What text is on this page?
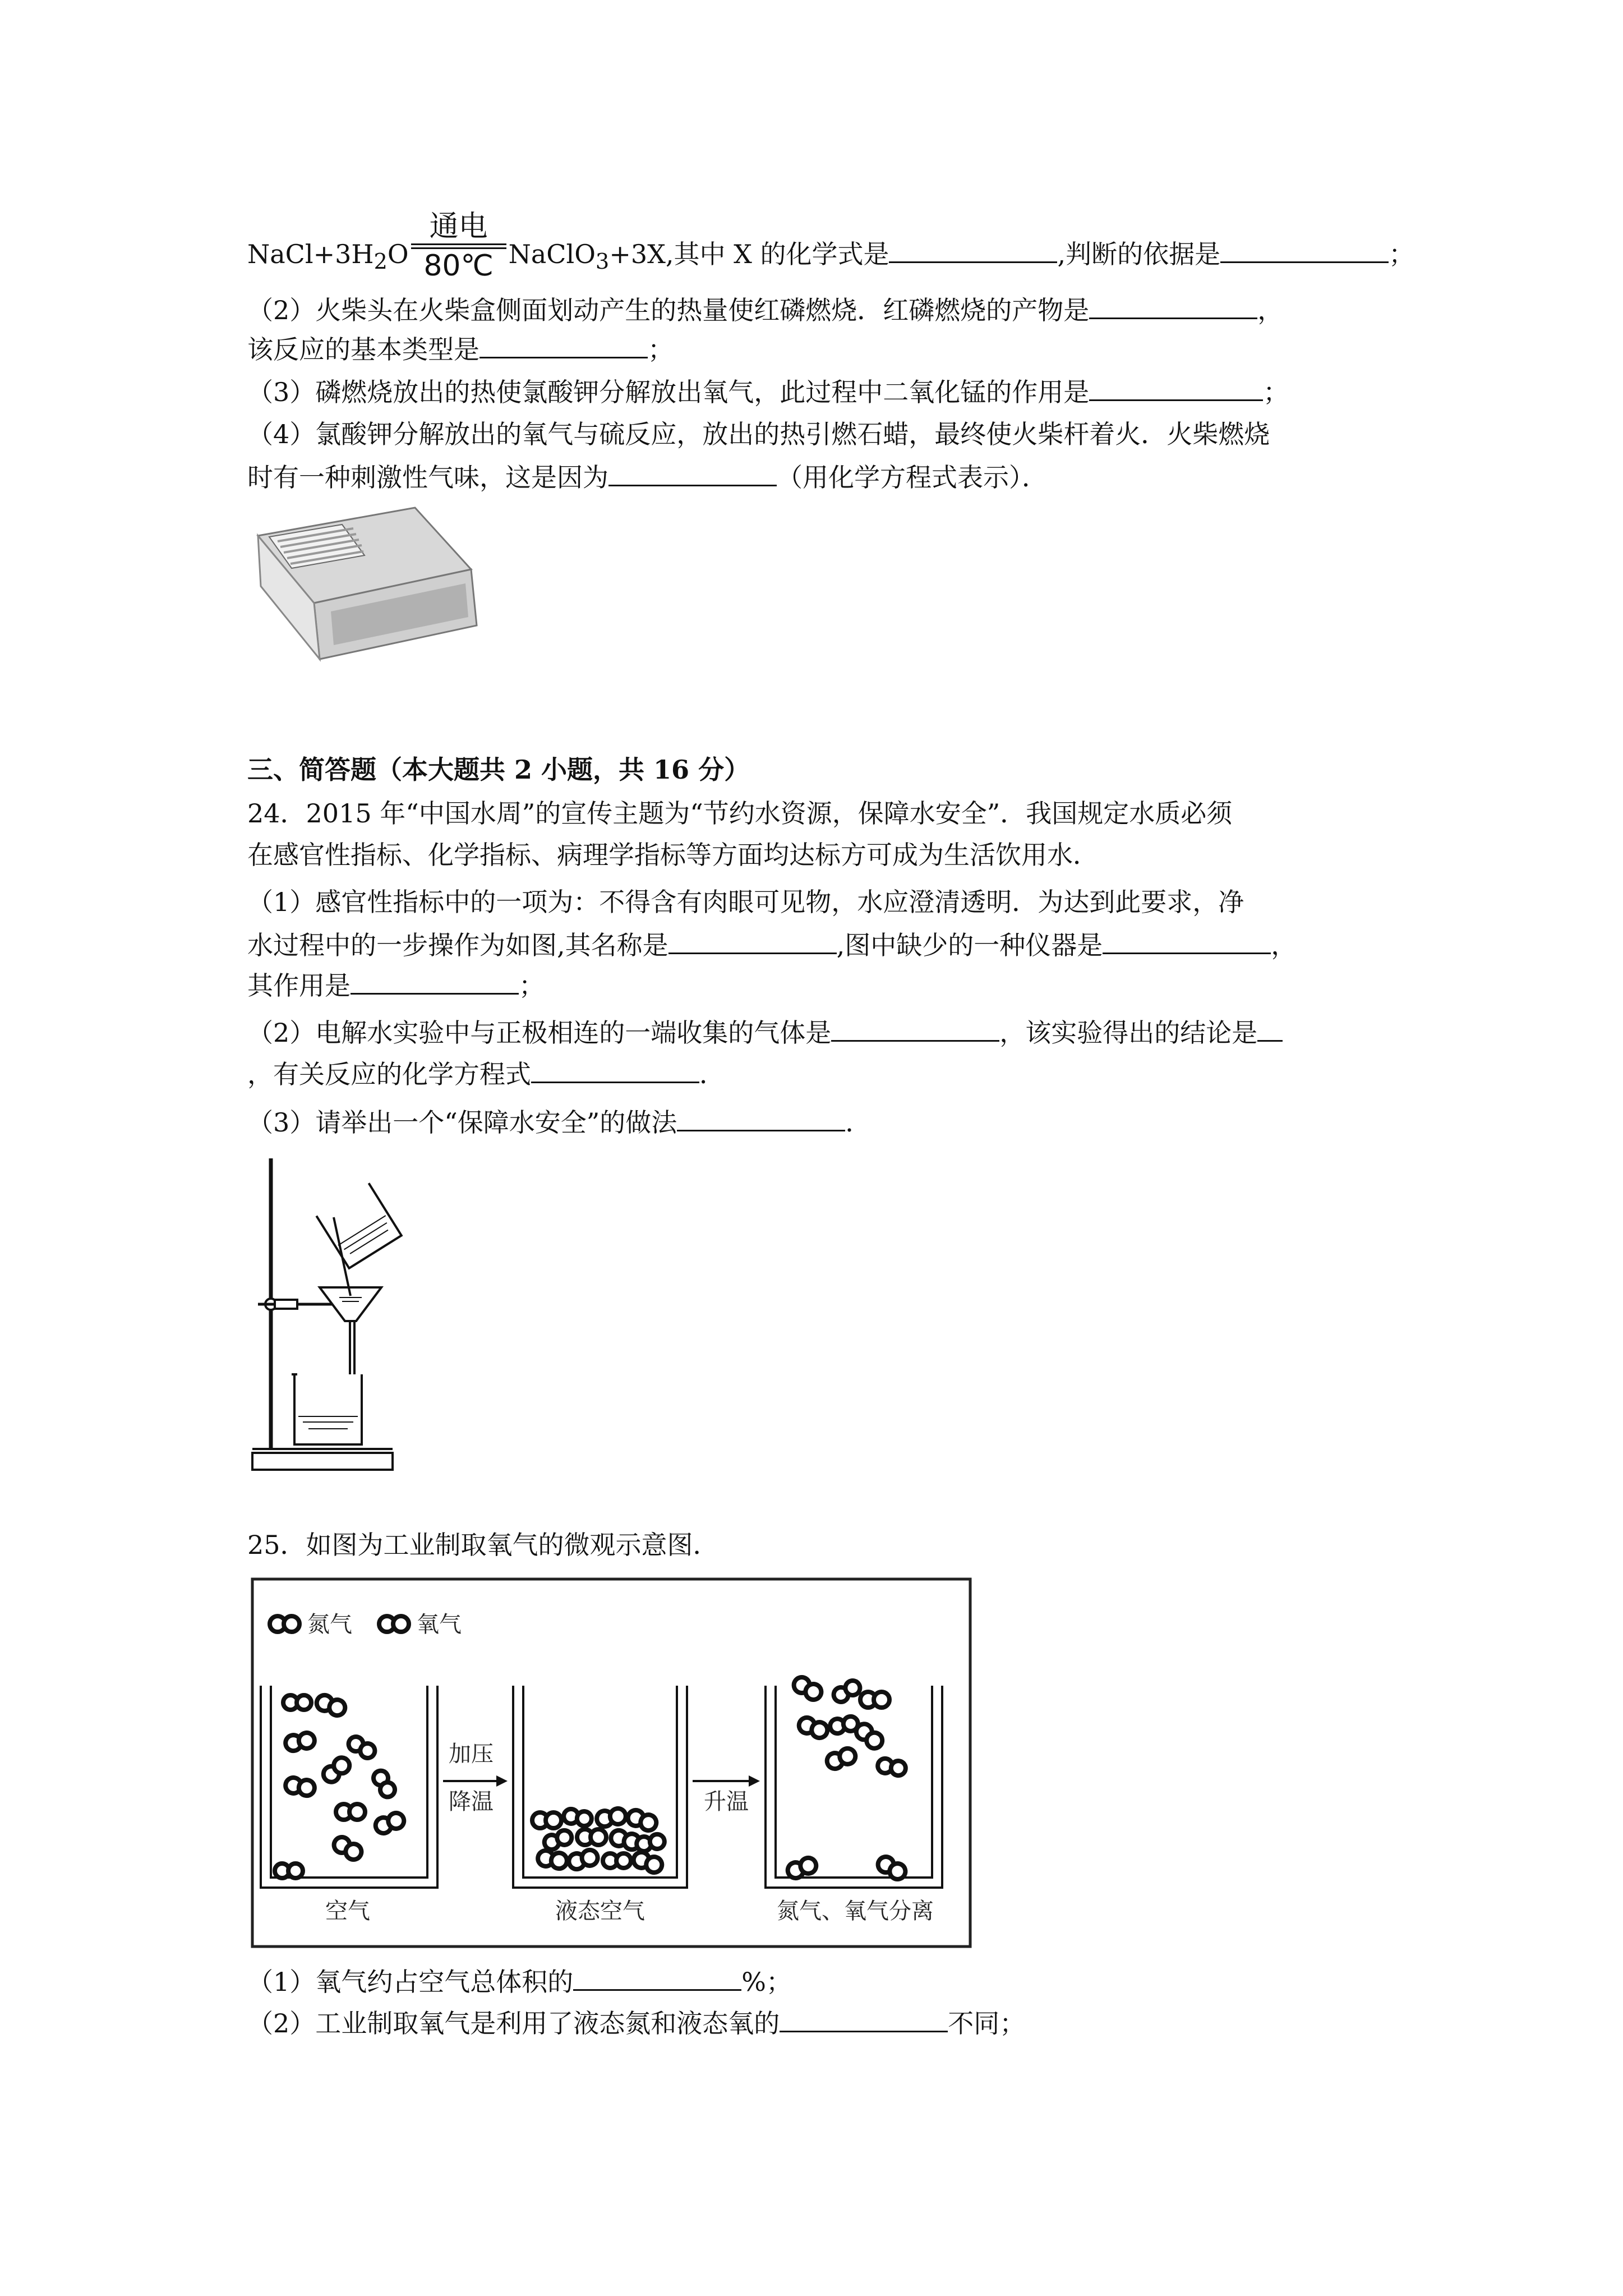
$NaCl+3H_2O$
通电
80℃ NaClO$_3$+3X,其中 X 的化学式是	,判断的依据是	；
（2）火柴头在火柴盒侧面划动产生的热量使红磷燃烧．红磷燃烧的产物是	，
该反应的基本类型是	；
（3）磷燃烧放出的热使氯酸钾分解放出氧气，此过程中二氧化锰的作用是	；
（4）氯酸钾分解放出的氧气与硫反应，放出的热引燃石蜡，最终使火柴杆着火．火柴燃烧
时有一种刺激性气味，这是因为	（用化学方程式表示）．
三、简答题（本大题共 2 小题，共 16 分）
24．2015 年“中国水周”的宣传主题为“节约水资源，保障水安全”．我国规定水质必须
在感官性指标、化学指标、病理学指标等方面均达标方可成为生活饮用水．
（1）感官性指标中的一项为：不得含有肉眼可见物，水应澄清透明．为达到此要求，净
水过程中的一步操作为如图,其名称是	,图中缺少的一种仪器是	，
其作用是	；
（2）电解水实验中与正极相连的一端收集的气体是	，该实验得出的结论是
，有关反应的化学方程式	．
（3）请举出一个“保障水安全”的做法	．
25．如图为工业制取氧气的微观示意图．
氮气	氧气
加压
降温	升温
空气	液态空气	氮气、氧气分离
（1）氧气约占空气总体积的	%；
（2）工业制取氧气是利用了液态氮和液态氧的	不同；
